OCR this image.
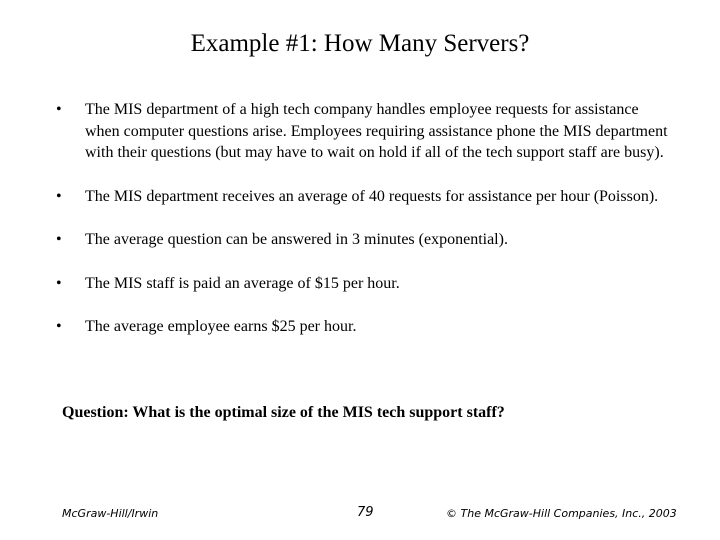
Example #1: How Many Servers?
•	The MIS department of a high tech company handles employee requests for assistance when computer questions arise. Employees requiring assistance phone the MIS department with their questions (but may have to wait on hold if all of the tech support staff are busy).
•	The MIS department receives an average of 40 requests for assistance per hour (Poisson).
•	The average question can be answered in 3 minutes (exponential).
•	The MIS staff is paid an average of $15 per hour.
•	The average employee earns $25 per hour.
Question: What is the optimal size of the MIS tech support staff?
McGraw-Hill/Irwin	79	© The McGraw-Hill Companies, Inc., 2003
